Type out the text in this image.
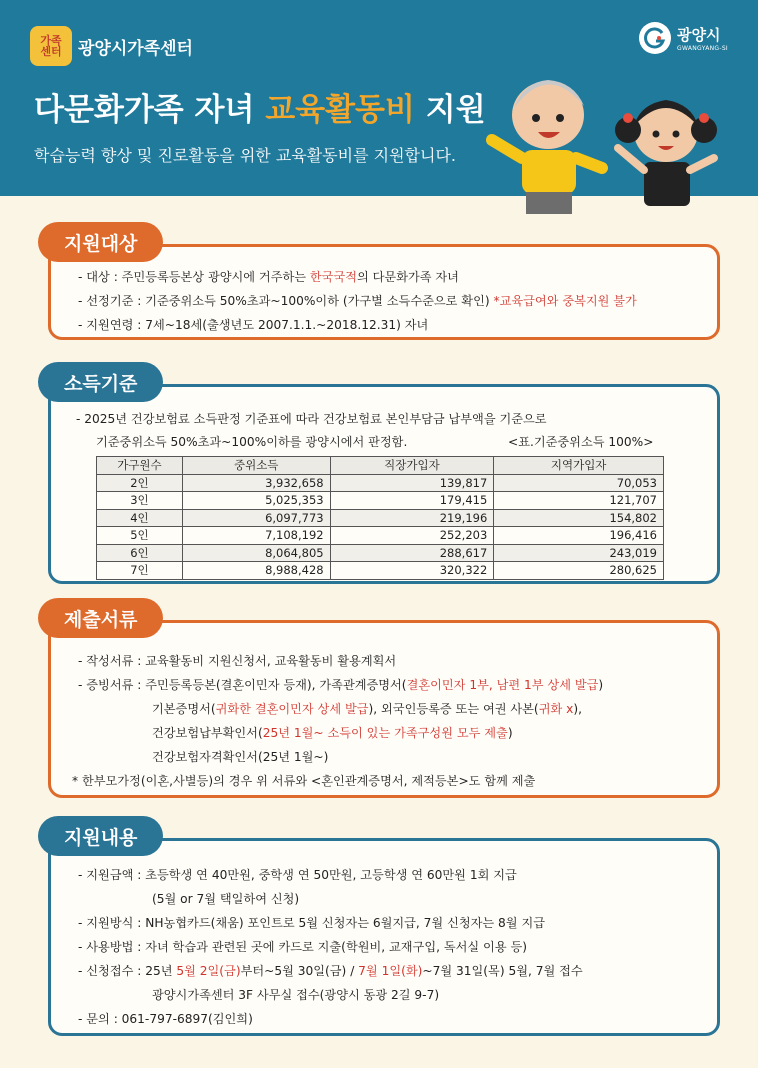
가족
센터 광양시가족센터
광양시
GWANGYANG-SI
다문화가족 자녀 교육활동비 지원
학습능력 향상 및 진로활동을 위한 교육활동비를 지원합니다.
지원대상
- 대상 : 주민등록등본상 광양시에 거주하는 한국국적의 다문화가족 자녀
- 선정기준 : 기준중위소득 50%초과~100%이하 (가구별 소득수준으로 확인) *교육급여와 중복지원 불가
- 지원연령 : 7세~18세(출생년도 2007.1.1.~2018.12.31) 자녀
소득기준
- 2025년 건강보험료 소득판정 기준표에 따라 건강보험료 본인부담금 납부액을 기준으로
기준중위소득 50%초과~100%이하를 광양시에서 판정함.	<표.기준중위소득 100%>
가구원수	중위소득	직장가입자	지역가입자
2인	3,932,658	139,817	70,053
3인	5,025,353	179,415	121,707
4인	6,097,773	219,196	154,802
5인	7,108,192	252,203	196,416
6인	8,064,805	288,617	243,019
7인	8,988,428	320,322	280,625
제출서류
- 작성서류 : 교육활동비 지원신청서, 교육활동비 활용계획서
- 증빙서류 : 주민등록등본(결혼이민자 등재), 가족관계증명서(결혼이민자 1부, 남편 1부 상세 발급)
기본증명서(귀화한 결혼이민자 상세 발급), 외국인등록증 또는 여권 사본(귀화 x),
건강보험납부확인서(25년 1월~ 소득이 있는 가족구성원 모두 제출)
건강보험자격확인서(25년 1월~)
* 한부모가정(이혼,사별등)의 경우 위 서류와 <혼인관계증명서, 제적등본>도 함께 제출
지원내용
- 지원금액 : 초등학생 연 40만원, 중학생 연 50만원, 고등학생 연 60만원 1회 지급
(5월 or 7월 택일하여 신청)
- 지원방식 : NH농협카드(채움) 포인트로 5월 신청자는 6월지급, 7월 신청자는 8월 지급
- 사용방법 : 자녀 학습과 관련된 곳에 카드로 지출(학원비, 교재구입, 독서실 이용 등)
- 신청접수 : 25년 5월 2일(금)부터~5월 30일(금) / 7월 1일(화)~7월 31일(목) 5월, 7월 접수
광양시가족센터 3F 사무실 접수(광양시 동광 2길 9-7)
- 문의 : 061-797-6897(김인희)
